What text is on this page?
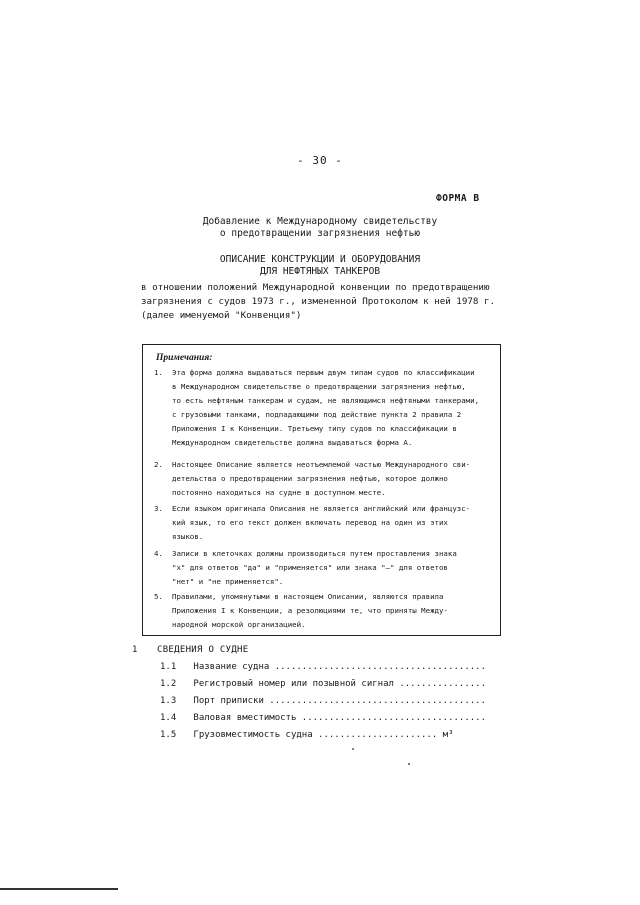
- 30 -
ФОРМА В
Добавление к Международному свидетельству
о предотвращении загрязнения нефтью
ОПИСАНИЕ КОНСТРУКЦИИ И ОБОРУДОВАНИЯ
ДЛЯ НЕФТЯНЫХ ТАНКЕРОВ
в отношении положений Международной конвенции по предотвращению
загрязнения с судов 1973 г., измененной Протоколом к ней 1978 г.
(далее именуемой "Конвенция")
Примечания:
1.	Эта форма должна выдаваться первым двум типам судов по классификации
в Международном свидетельстве о предотвращении загрязнения нефтью,
то есть нефтяным танкерам и судам, не являющимся нефтяными танкерами,
с грузовыми танками, подпадающими под действие пункта 2 правила 2
Приложения I к Конвенции. Третьему типу судов по классификации в
Международном свидетельстве должна выдаваться форма А.
2.	Настоящее Описание является неотъемлемой частью Международного сви-
детельства о предотвращении загрязнения нефтью, которое должно
постоянно находиться на судне в доступном месте.
3.	Если языком оригинала Описания не является английский или французс-
кий язык, то его текст должен включать перевод на один из этих
языков.
4.	Записи в клеточках должны производиться путем проставления знака
"х" для ответов "да" и "применяется" или знака "–" для ответов
"нет" и "не применяется".
5.	Правилами, упомянутыми в настоящем Описании, являются правила
Приложения I к Конвенции, а резолюциями те, что приняты Между-
народной морской организацией.
1 СВЕДЕНИЯ О СУДНЕ
1.1 Название судна .......................................
1.2 Регистровый номер или позывной сигнал ................
1.3 Порт приписки ........................................
1.4 Валовая вместимость ..................................
1.5 Грузовместимость судна ...................... м³
